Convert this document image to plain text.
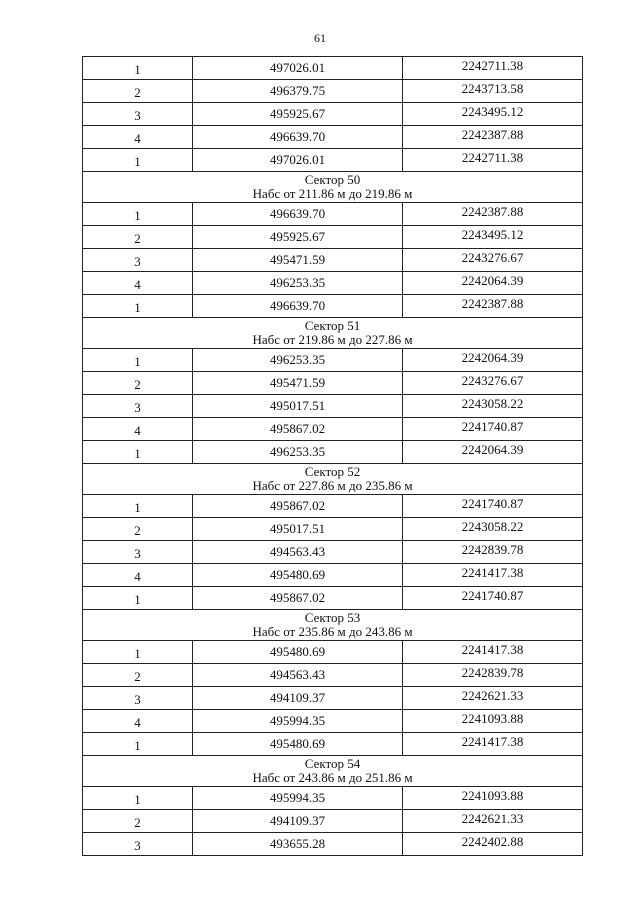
61
1	497026.01	2242711.38
2	496379.75	2243713.58
3	495925.67	2243495.12
4	496639.70	2242387.88
1	497026.01	2242711.38
Сектор 50
Набс от 211.86 м до 219.86 м
1	496639.70	2242387.88
2	495925.67	2243495.12
3	495471.59	2243276.67
4	496253.35	2242064.39
1	496639.70	2242387.88
Сектор 51
Набс от 219.86 м до 227.86 м
1	496253.35	2242064.39
2	495471.59	2243276.67
3	495017.51	2243058.22
4	495867.02	2241740.87
1	496253.35	2242064.39
Сектор 52
Набс от 227.86 м до 235.86 м
1	495867.02	2241740.87
2	495017.51	2243058.22
3	494563.43	2242839.78
4	495480.69	2241417.38
1	495867.02	2241740.87
Сектор 53
Набс от 235.86 м до 243.86 м
1	495480.69	2241417.38
2	494563.43	2242839.78
3	494109.37	2242621.33
4	495994.35	2241093.88
1	495480.69	2241417.38
Сектор 54
Набс от 243.86 м до 251.86 м
1	495994.35	2241093.88
2	494109.37	2242621.33
3	493655.28	2242402.88
